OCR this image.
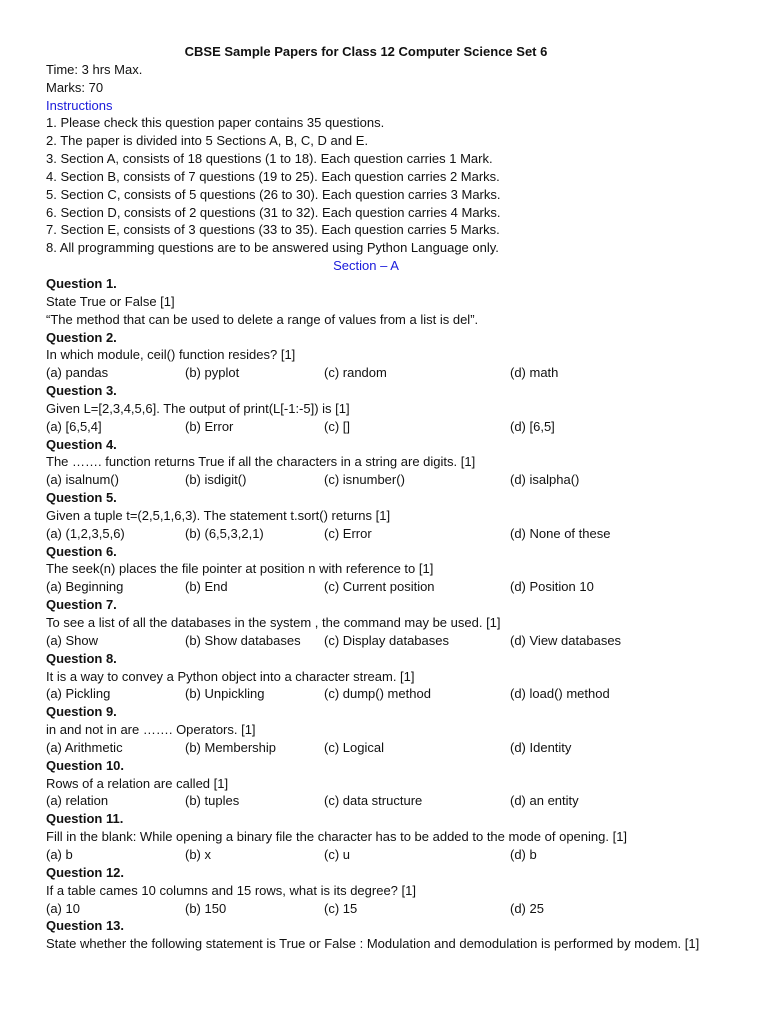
CBSE Sample Papers for Class 12 Computer Science Set 6
Time: 3 hrs Max.
Marks: 70
Instructions
1. Please check this question paper contains 35 questions.
2. The paper is divided into 5 Sections A, B, C, D and E.
3. Section A, consists of 18 questions (1 to 18). Each question carries 1 Mark.
4. Section B, consists of 7 questions (19 to 25). Each question carries 2 Marks.
5. Section C, consists of 5 questions (26 to 30). Each question carries 3 Marks.
6. Section D, consists of 2 questions (31 to 32). Each question carries 4 Marks.
7. Section E, consists of 3 questions (33 to 35). Each question carries 5 Marks.
8. All programming questions are to be answered using Python Language only.
Section – A
Question 1.
State True or False [1]
“The method that can be used to delete a range of values from a list is del”.
Question 2.
In which module, ceil() function resides? [1]
(a) pandas	(b) pyplot	(c) random	(d) math
Question 3.
Given L=[2,3,4,5,6]. The output of print(L[-1:-5]) is [1]
(a) [6,5,4]	(b) Error	(c) []	(d) [6,5]
Question 4.
The ……. function returns True if all the characters in a string are digits. [1]
(a) isalnum()	(b) isdigit()	(c) isnumber()	(d) isalpha()
Question 5.
Given a tuple t=(2,5,1,6,3). The statement t.sort() returns [1]
(a) (1,2,3,5,6)	(b) (6,5,3,2,1)	(c) Error	(d) None of these
Question 6.
The seek(n) places the file pointer at position n with reference to [1]
(a) Beginning	(b) End	(c) Current position	(d) Position 10
Question 7.
To see a list of all the databases in the system , the command may be used. [1]
(a) Show	(b) Show databases	(c) Display databases	(d) View databases
Question 8.
It is a way to convey a Python object into a character stream. [1]
(a) Pickling	(b) Unpickling	(c) dump() method	(d) load() method
Question 9.
in and not in are ……. Operators. [1]
(a) Arithmetic	(b) Membership	(c) Logical	(d) Identity
Question 10.
Rows of a relation are called [1]
(a) relation	(b) tuples	(c) data structure	(d) an entity
Question 11.
Fill in the blank: While opening a binary file the character has to be added to the mode of opening. [1]
(a) b	(b) x	(c) u	(d) b
Question 12.
If a table cames 10 columns and 15 rows, what is its degree? [1]
(a) 10	(b) 150	(c) 15	(d) 25
Question 13.
State whether the following statement is True or False : Modulation and demodulation is performed by modem. [1]
